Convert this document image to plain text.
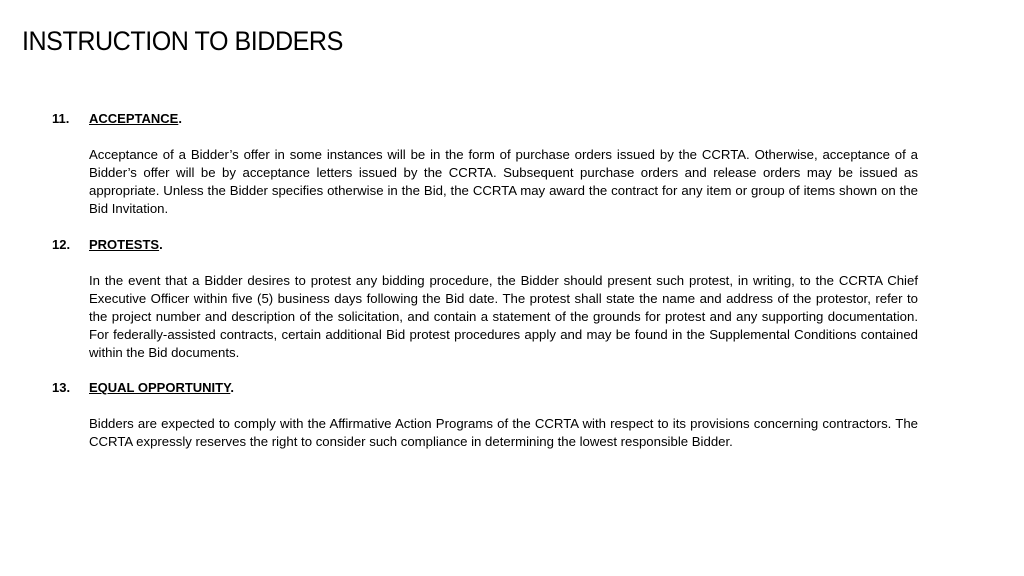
INSTRUCTION TO BIDDERS
11. ACCEPTANCE.
Acceptance of a Bidder’s offer in some instances will be in the form of purchase orders issued by the CCRTA. Otherwise, acceptance of a Bidder’s offer will be by acceptance letters issued by the CCRTA. Subsequent purchase orders and release orders may be issued as appropriate. Unless the Bidder specifies otherwise in the Bid, the CCRTA may award the contract for any item or group of items shown on the Bid Invitation.
12. PROTESTS.
In the event that a Bidder desires to protest any bidding procedure, the Bidder should present such protest, in writing, to the CCRTA Chief Executive Officer within five (5) business days following the Bid date. The protest shall state the name and address of the protestor, refer to the project number and description of the solicitation, and contain a statement of the grounds for protest and any supporting documentation. For federally-assisted contracts, certain additional Bid protest procedures apply and may be found in the Supplemental Conditions contained within the Bid documents.
13. EQUAL OPPORTUNITY.
Bidders are expected to comply with the Affirmative Action Programs of the CCRTA with respect to its provisions concerning contractors. The CCRTA expressly reserves the right to consider such compliance in determining the lowest responsible Bidder.
